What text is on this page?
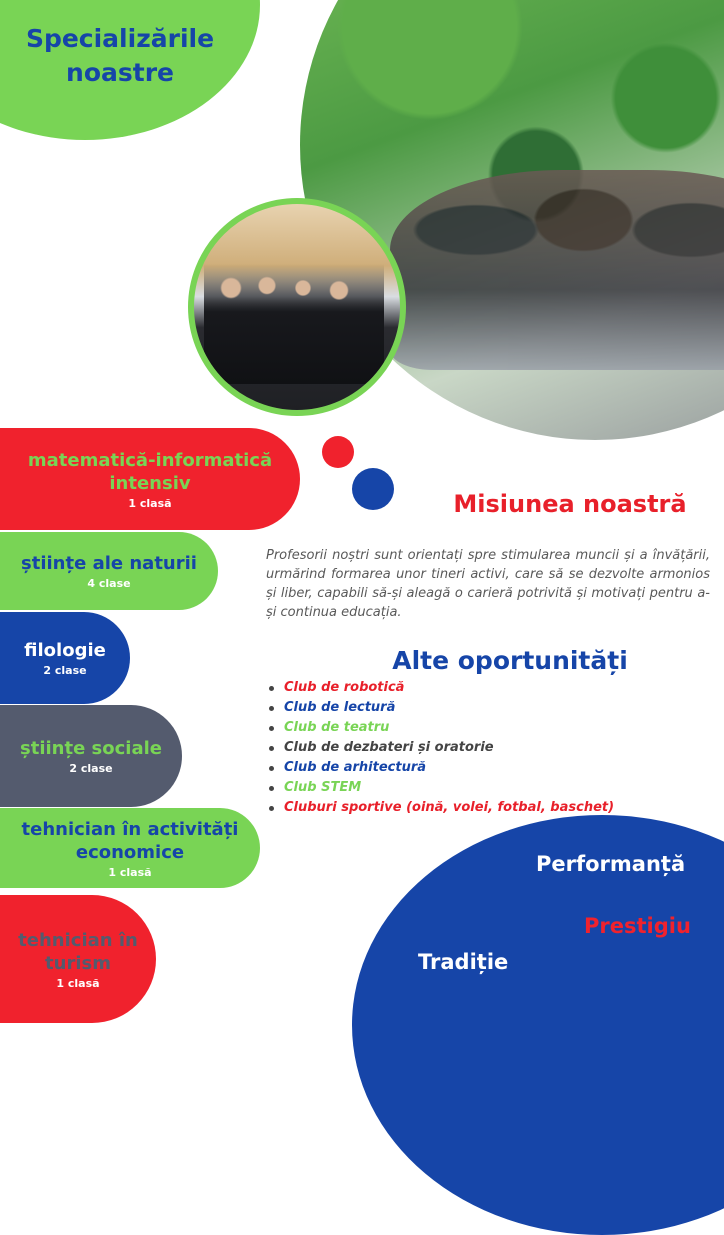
Specializările noastre
matematică-informatică intensiv
1 clasă
științe ale naturii
4 clase
filologie
2 clase
științe sociale
2 clase
tehnician în activități economice
1 clasă
tehnician în turism
1 clasă
Misiunea noastră
Profesorii noștri sunt orientați spre stimularea muncii și a învățării, urmărind formarea unor tineri activi, care să se dezvolte armonios și liber, capabili să-și aleagă o carieră potrivită și motivați pentru a-și continua educația.
Alte oportunități
Club de robotică
Club de lectură
Club de teatru
Club de dezbateri și oratorie
Club de arhitectură
Club STEM
Cluburi sportive (oină, volei, fotbal, baschet)
Performanță
Prestigiu
Tradiție
